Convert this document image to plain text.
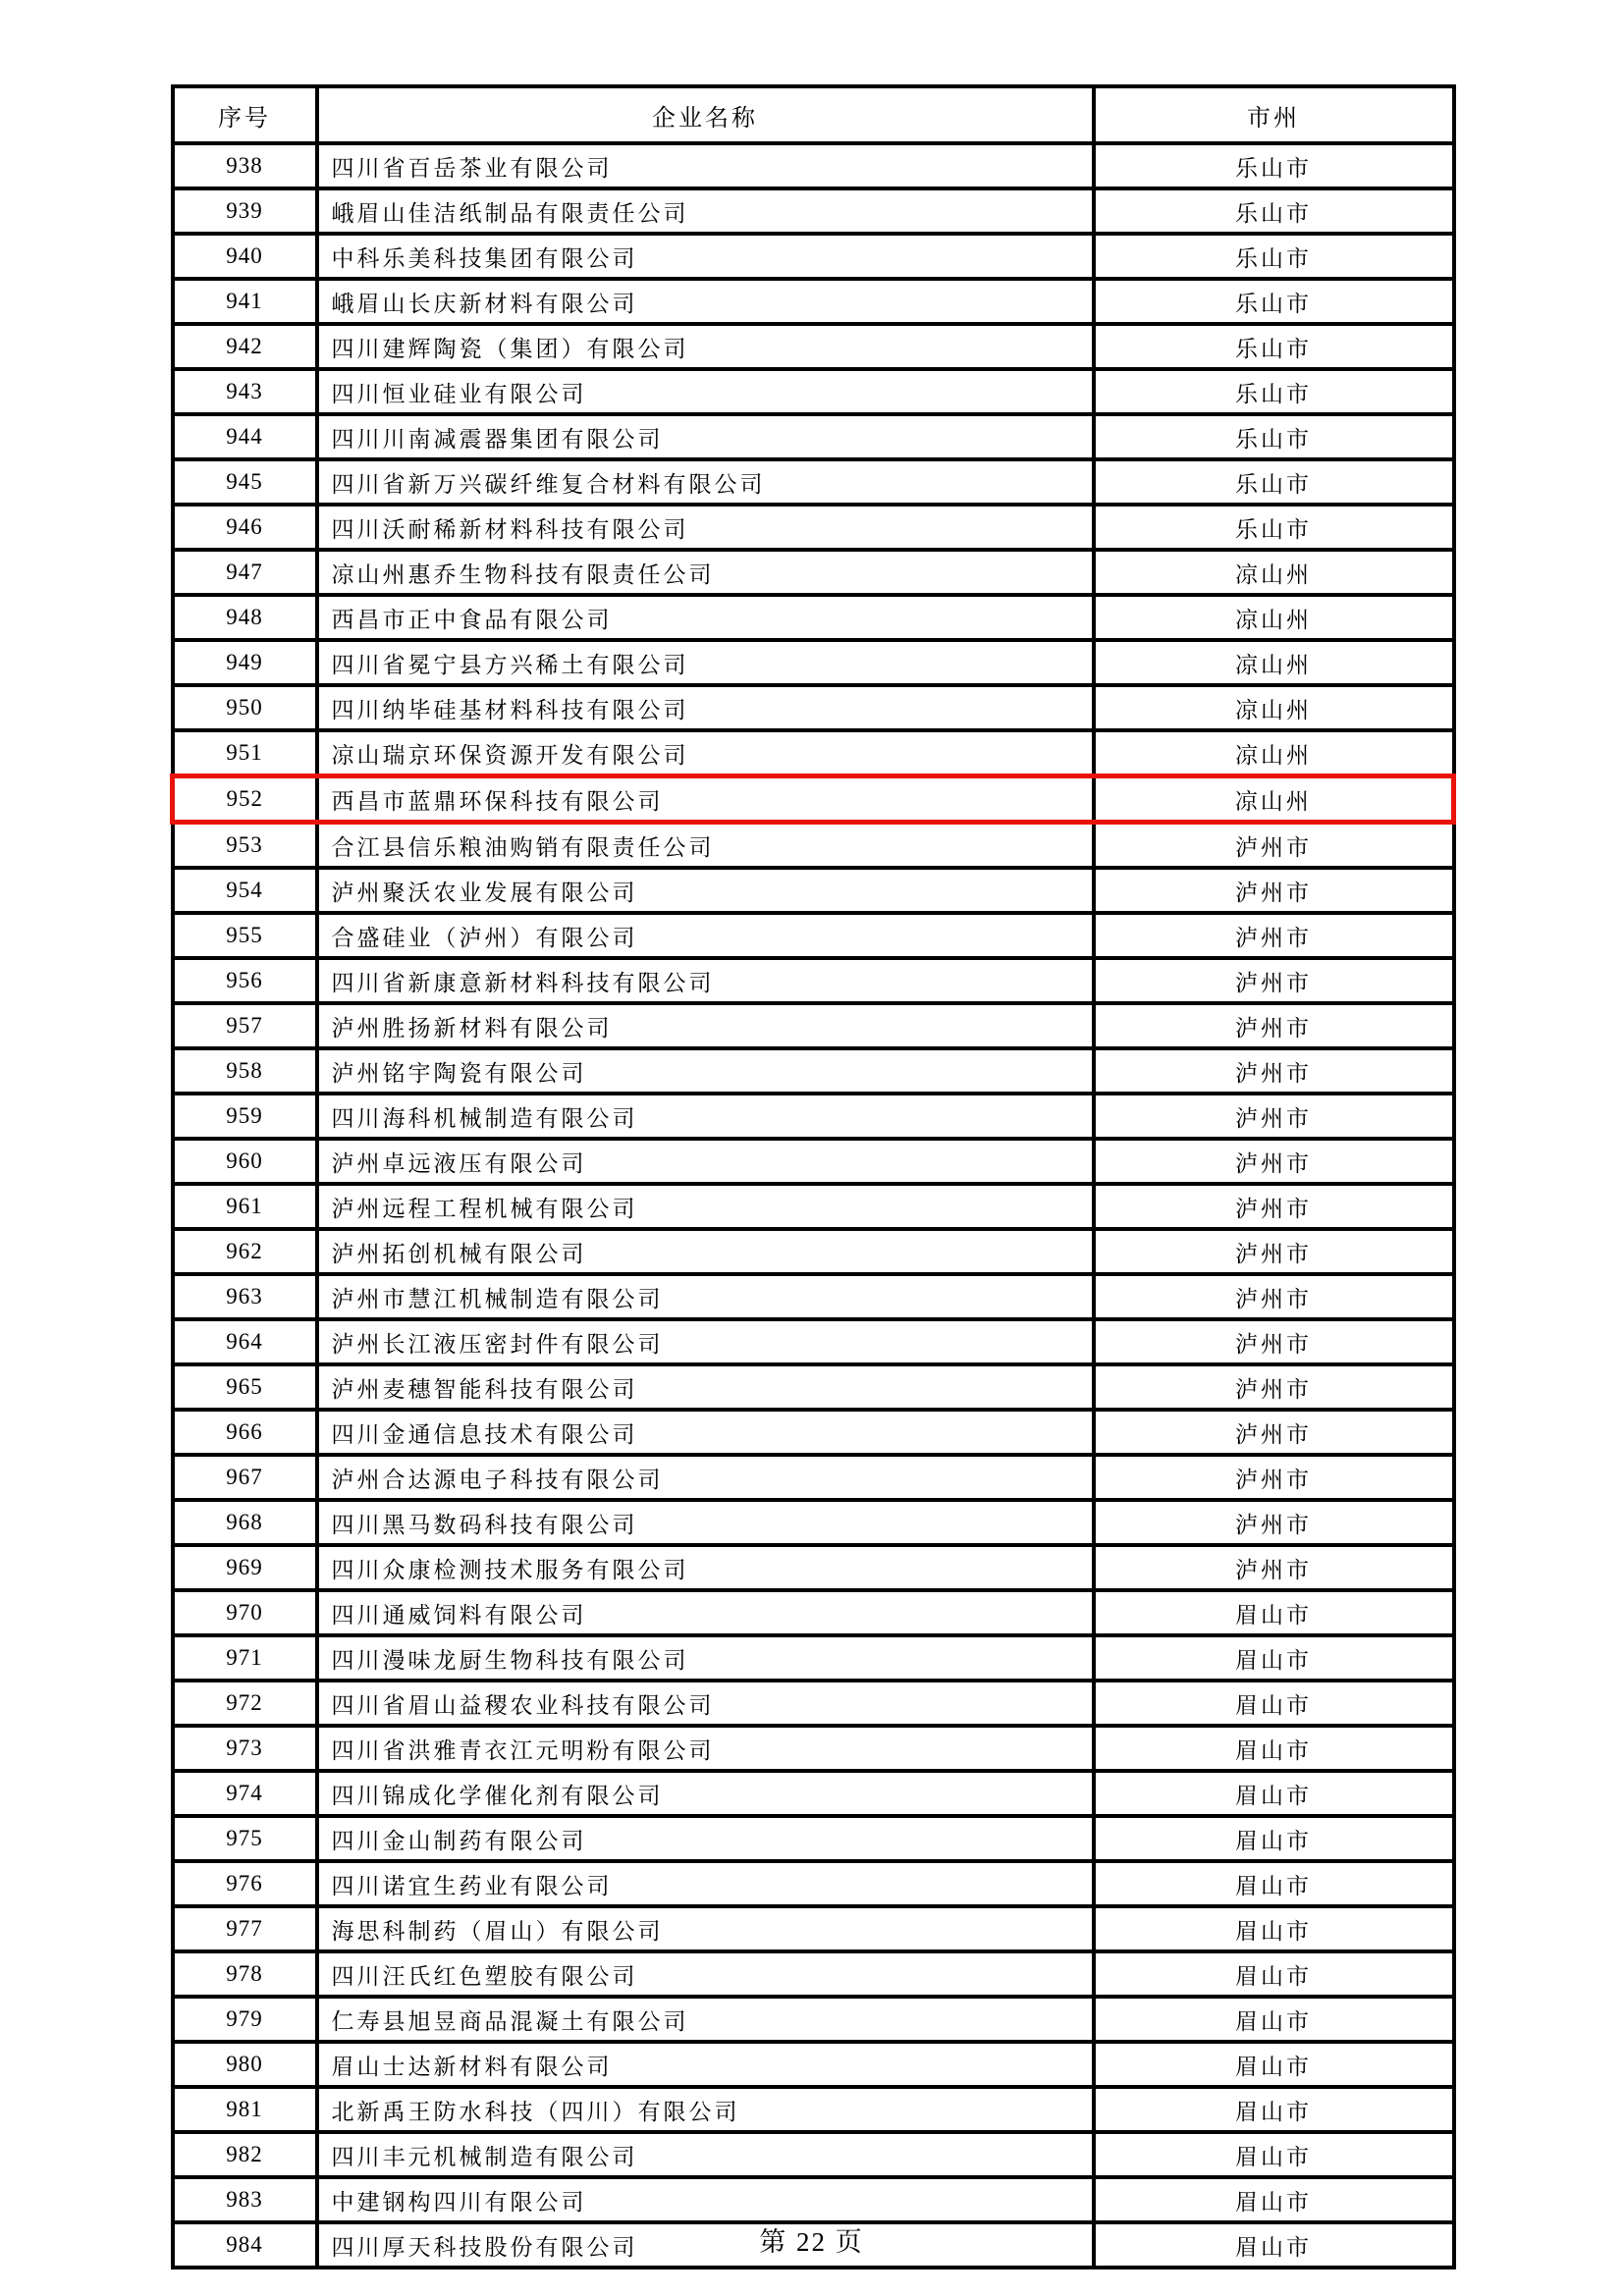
序号	企业名称	市州
938	四川省百岳茶业有限公司	乐山市
939	峨眉山佳洁纸制品有限责任公司	乐山市
940	中科乐美科技集团有限公司	乐山市
941	峨眉山长庆新材料有限公司	乐山市
942	四川建辉陶瓷（集团）有限公司	乐山市
943	四川恒业硅业有限公司	乐山市
944	四川川南减震器集团有限公司	乐山市
945	四川省新万兴碳纤维复合材料有限公司	乐山市
946	四川沃耐稀新材料科技有限公司	乐山市
947	凉山州惠乔生物科技有限责任公司	凉山州
948	西昌市正中食品有限公司	凉山州
949	四川省冕宁县方兴稀土有限公司	凉山州
950	四川纳毕硅基材料科技有限公司	凉山州
951	凉山瑞京环保资源开发有限公司	凉山州
952	西昌市蓝鼎环保科技有限公司	凉山州
953	合江县信乐粮油购销有限责任公司	泸州市
954	泸州聚沃农业发展有限公司	泸州市
955	合盛硅业（泸州）有限公司	泸州市
956	四川省新康意新材料科技有限公司	泸州市
957	泸州胜扬新材料有限公司	泸州市
958	泸州铭宇陶瓷有限公司	泸州市
959	四川海科机械制造有限公司	泸州市
960	泸州卓远液压有限公司	泸州市
961	泸州远程工程机械有限公司	泸州市
962	泸州拓创机械有限公司	泸州市
963	泸州市慧江机械制造有限公司	泸州市
964	泸州长江液压密封件有限公司	泸州市
965	泸州麦穗智能科技有限公司	泸州市
966	四川金通信息技术有限公司	泸州市
967	泸州合达源电子科技有限公司	泸州市
968	四川黑马数码科技有限公司	泸州市
969	四川众康检测技术服务有限公司	泸州市
970	四川通威饲料有限公司	眉山市
971	四川漫味龙厨生物科技有限公司	眉山市
972	四川省眉山益稷农业科技有限公司	眉山市
973	四川省洪雅青衣江元明粉有限公司	眉山市
974	四川锦成化学催化剂有限公司	眉山市
975	四川金山制药有限公司	眉山市
976	四川诺宜生药业有限公司	眉山市
977	海思科制药（眉山）有限公司	眉山市
978	四川汪氏红色塑胶有限公司	眉山市
979	仁寿县旭昱商品混凝土有限公司	眉山市
980	眉山士达新材料有限公司	眉山市
981	北新禹王防水科技（四川）有限公司	眉山市
982	四川丰元机械制造有限公司	眉山市
983	中建钢构四川有限公司	眉山市
984	四川厚天科技股份有限公司	眉山市
第 22 页
